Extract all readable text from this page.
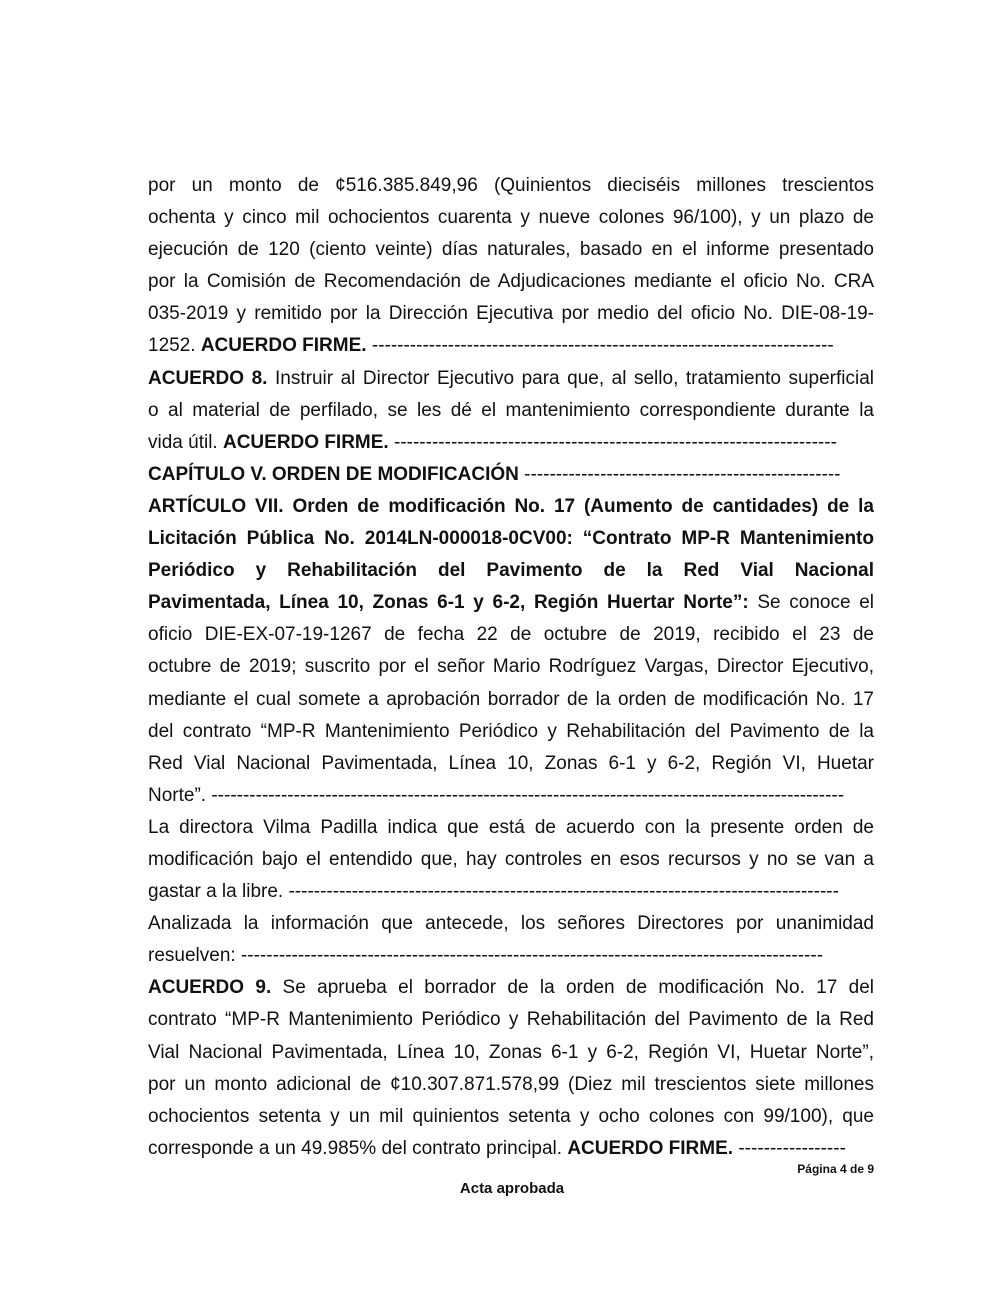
por un monto de ¢516.385.849,96 (Quinientos dieciséis millones trescientos
ochenta y cinco mil ochocientos cuarenta y nueve colones 96/100), y un plazo de
ejecución de 120 (ciento veinte) días naturales, basado en el informe presentado
por la Comisión de Recomendación de Adjudicaciones mediante el oficio No. CRA
035-2019 y remitido por la Dirección Ejecutiva por medio del oficio No. DIE-08-19-
1252. ACUERDO FIRME. -------------------------------------------------------------------------
ACUERDO 8. Instruir al Director Ejecutivo para que, al sello, tratamiento superficial
o al material de perfilado, se les dé el mantenimiento correspondiente durante la
vida útil. ACUERDO FIRME. ----------------------------------------------------------------------
CAPÍTULO V. ORDEN DE MODIFICACIÓN --------------------------------------------------
ARTÍCULO VII. Orden de modificación No. 17 (Aumento de cantidades) de la
Licitación Pública No. 2014LN-000018-0CV00: “Contrato MP-R Mantenimiento
Periódico y Rehabilitación del Pavimento de la Red Vial Nacional
Pavimentada, Línea 10, Zonas 6-1 y 6-2, Región Huertar Norte”: Se conoce el
oficio DIE-EX-07-19-1267 de fecha 22 de octubre de 2019, recibido el 23 de
octubre de 2019; suscrito por el señor Mario Rodríguez Vargas, Director Ejecutivo,
mediante el cual somete a aprobación borrador de la orden de modificación No. 17
del contrato “MP-R Mantenimiento Periódico y Rehabilitación del Pavimento de la
Red Vial Nacional Pavimentada, Línea 10, Zonas 6-1 y 6-2, Región VI, Huetar
Norte”. ----------------------------------------------------------------------------------------------------
La directora Vilma Padilla indica que está de acuerdo con la presente orden de
modificación bajo el entendido que, hay controles en esos recursos y no se van a
gastar a la libre. ---------------------------------------------------------------------------------------
Analizada la información que antecede, los señores Directores por unanimidad
resuelven: --------------------------------------------------------------------------------------------
ACUERDO 9. Se aprueba el borrador de la orden de modificación No. 17 del
contrato “MP-R Mantenimiento Periódico y Rehabilitación del Pavimento de la Red
Vial Nacional Pavimentada, Línea 10, Zonas 6-1 y 6-2, Región VI, Huetar Norte”,
por un monto adicional de ¢10.307.871.578,99 (Diez mil trescientos siete millones
ochocientos setenta y un mil quinientos setenta y ocho colones con 99/100), que
corresponde a un 49.985% del contrato principal. ACUERDO FIRME. -----------------
Página 4 de 9
Acta aprobada
